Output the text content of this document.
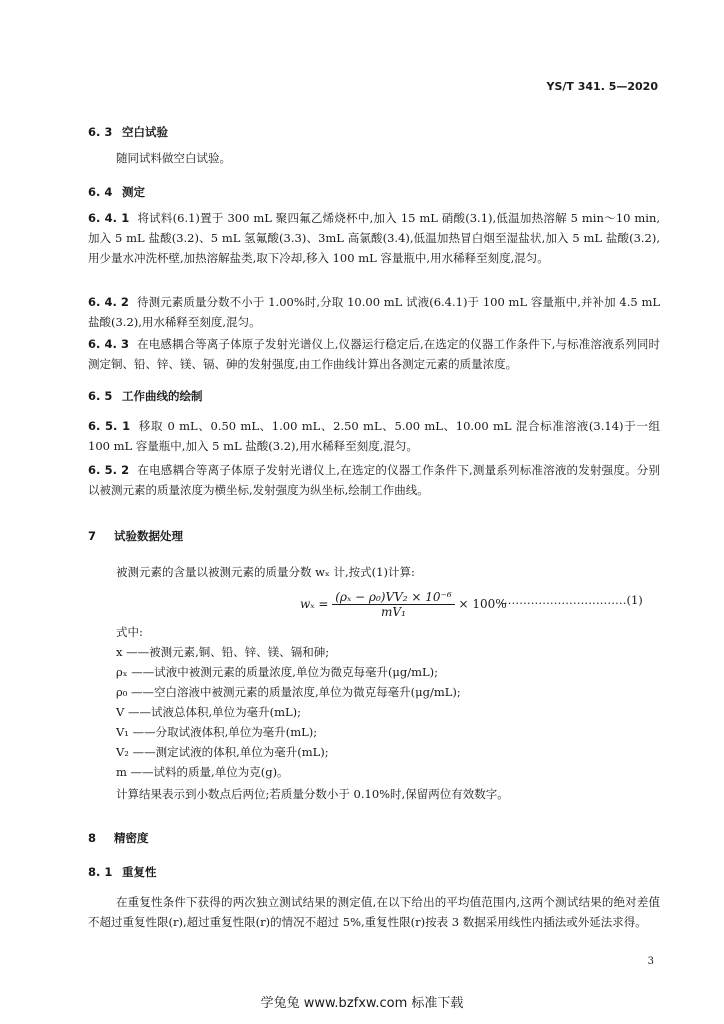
YS/T 341. 5—2020
6. 3 空白试验
随同试料做空白试验。
6. 4 测定
6. 4. 1 将试料(6.1)置于 300 mL 聚四氟乙烯烧杯中,加入 15 mL 硝酸(3.1),低温加热溶解 5 min～10 min,加入 5 mL 盐酸(3.2)、5 mL 氢氟酸(3.3)、3mL 高氯酸(3.4),低温加热冒白烟至湿盐状,加入 5 mL 盐酸(3.2),用少量水冲洗杯壁,加热溶解盐类,取下冷却,移入 100 mL 容量瓶中,用水稀释至刻度,混匀。
6. 4. 2 待测元素质量分数不小于 1.00%时,分取 10.00 mL 试液(6.4.1)于 100 mL 容量瓶中,并补加 4.5 mL 盐酸(3.2),用水稀释至刻度,混匀。
6. 4. 3 在电感耦合等离子体原子发射光谱仪上,仪器运行稳定后,在选定的仪器工作条件下,与标准溶液系列同时测定铜、铅、锌、镁、镉、砷的发射强度,由工作曲线计算出各测定元素的质量浓度。
6. 5 工作曲线的绘制
6. 5. 1 移取 0 mL、0.50 mL、1.00 mL、2.50 mL、5.00 mL、10.00 mL 混合标准溶液(3.14)于一组 100 mL 容量瓶中,加入 5 mL 盐酸(3.2),用水稀释至刻度,混匀。
6. 5. 2 在电感耦合等离子体原子发射光谱仪上,在选定的仪器工作条件下,测量系列标准溶液的发射强度。分别以被测元素的质量浓度为横坐标,发射强度为纵坐标,绘制工作曲线。
7 试验数据处理
被测元素的含量以被测元素的质量分数 wₓ 计,按式(1)计算:
$w_x = \frac{\text{(ρₓ − ρ₀)VV₂ × 10⁻⁶}}{\text{mV₁}} \times 100\%$
……………………………(1)
式中:
x ——被测元素,铜、铅、锌、镁、镉和砷;
ρₓ ——试液中被测元素的质量浓度,单位为微克每毫升(μg/mL);
ρ₀ ——空白溶液中被测元素的质量浓度,单位为微克每毫升(μg/mL);
V ——试液总体积,单位为毫升(mL);
V₁ ——分取试液体积,单位为毫升(mL);
V₂ ——测定试液的体积,单位为毫升(mL);
m ——试料的质量,单位为克(g)。
计算结果表示到小数点后两位;若质量分数小于 0.10%时,保留两位有效数字。
8 精密度
8. 1 重复性
在重复性条件下获得的两次独立测试结果的测定值,在以下给出的平均值范围内,这两个测试结果的绝对差值不超过重复性限(r),超过重复性限(r)的情况不超过 5%,重复性限(r)按表 3 数据采用线性内插法或外延法求得。
3
学兔兔 www.bzfxw.com 标准下载
